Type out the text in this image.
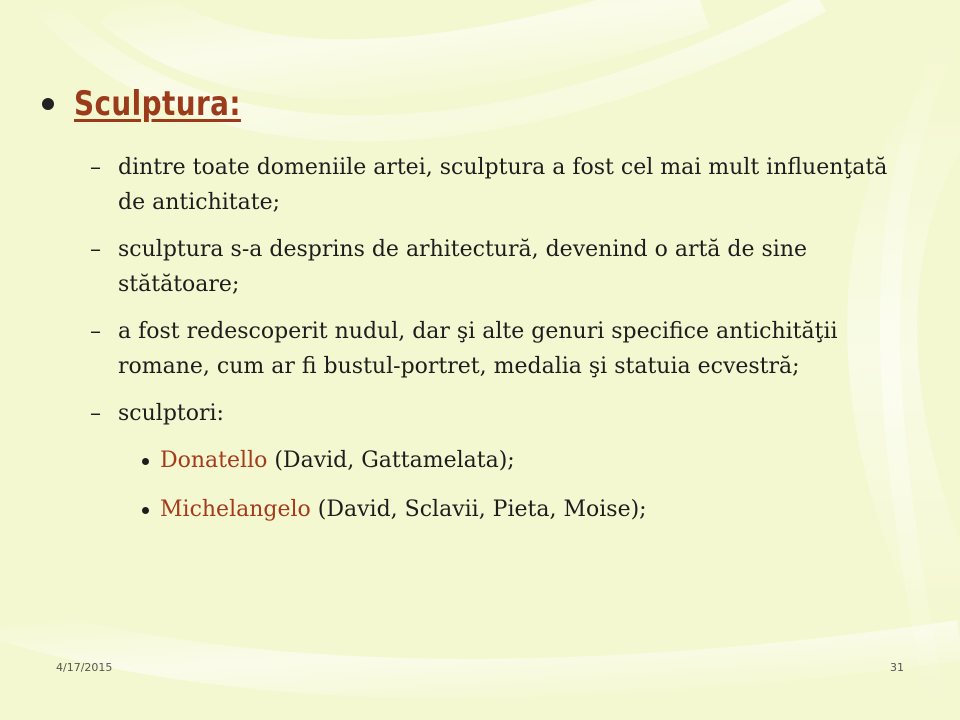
Sculptura:
– dintre toate domeniile artei, sculptura a fost cel mai mult influenţată de antichitate;
– sculptura s-a desprins de arhitectură, devenind o artă de sine stătătoare;
– a fost redescoperit nudul, dar şi alte genuri specifice antichităţii romane, cum ar fi bustul-portret, medalia şi statuia ecvestră;
– sculptori:
Donatello (David, Gattamelata);
Michelangelo (David, Sclavii, Pieta, Moise);
4/17/2015	31
